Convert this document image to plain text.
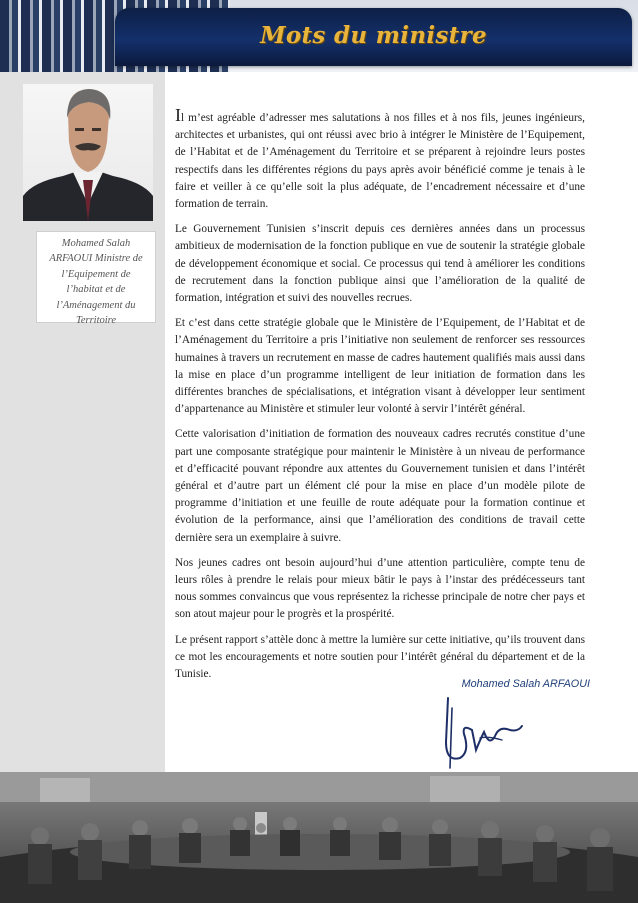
Mots du ministre
Mohamed Salah
ARFAOUI Ministre de
l’Equipement de
l’habitat et de
l’Aménagement du
Territoire

Il m’est agréable d’adresser mes salutations à nos filles et à nos fils, jeunes ingénieurs, architectes et urbanistes, qui ont réussi avec brio à intégrer le Ministère de l’Equipement, de l’Habitat et de l’Aménagement du Territoire et se préparent à rejoindre leurs postes respectifs dans les différentes régions du pays après avoir bénéficié comme je tenais à le faire et veiller à ce qu’elle soit la plus adéquate, de l’encadrement nécessaire et d’une formation de terrain.

Le Gouvernement Tunisien s’inscrit depuis ces dernières années dans un processus ambitieux de modernisation de la fonction publique en vue de soutenir la stratégie globale de développement économique et social. Ce processus qui tend à améliorer les conditions de recrutement dans la fonction publique ainsi que l’amélioration de la qualité de formation, intégration et suivi des nouvelles recrues.

Et c’est dans cette stratégie globale que le Ministère de l’Equipement, de l’Habitat et de l’Aménagement du Territoire a pris l’initiative non seulement de renforcer ses ressources humaines à travers un recrutement en masse de cadres hautement qualifiés mais aussi dans la mise en place d’un programme intelligent de leur initiation de formation dans les différentes branches de spécialisations, et intégration visant à développer leur sentiment d’appartenance au Ministère et stimuler leur volonté à servir l’intérêt général.

Cette valorisation d’initiation de formation des nouveaux cadres recrutés constitue d’une part une composante stratégique pour maintenir le Ministère à un niveau de performance et d’efficacité pouvant répondre aux attentes du Gouvernement tunisien et dans l’intérêt général et d’autre part un élément clé pour la mise en place d’un modèle pilote de programme d’initiation et une feuille de route adéquate pour la formation continue et évolution de la performance, ainsi que l’amélioration des conditions de travail cette dernière sera un exemplaire à suivre.

Nos jeunes cadres ont besoin aujourd’hui d’une attention particulière, compte tenu de leurs rôles à prendre le relais pour mieux bâtir le pays à l’instar des prédécesseurs tant nous sommes convaincus que vous représentez la richesse principale de notre cher pays et son atout majeur pour le progrès et la prospérité.

Le présent rapport s’attèle donc à mettre la lumière sur cette initiative, qu’ils trouvent dans ce mot les encouragements et notre soutien pour l’intérêt général du département et de la Tunisie.

Mohamed Salah ARFAOUI
